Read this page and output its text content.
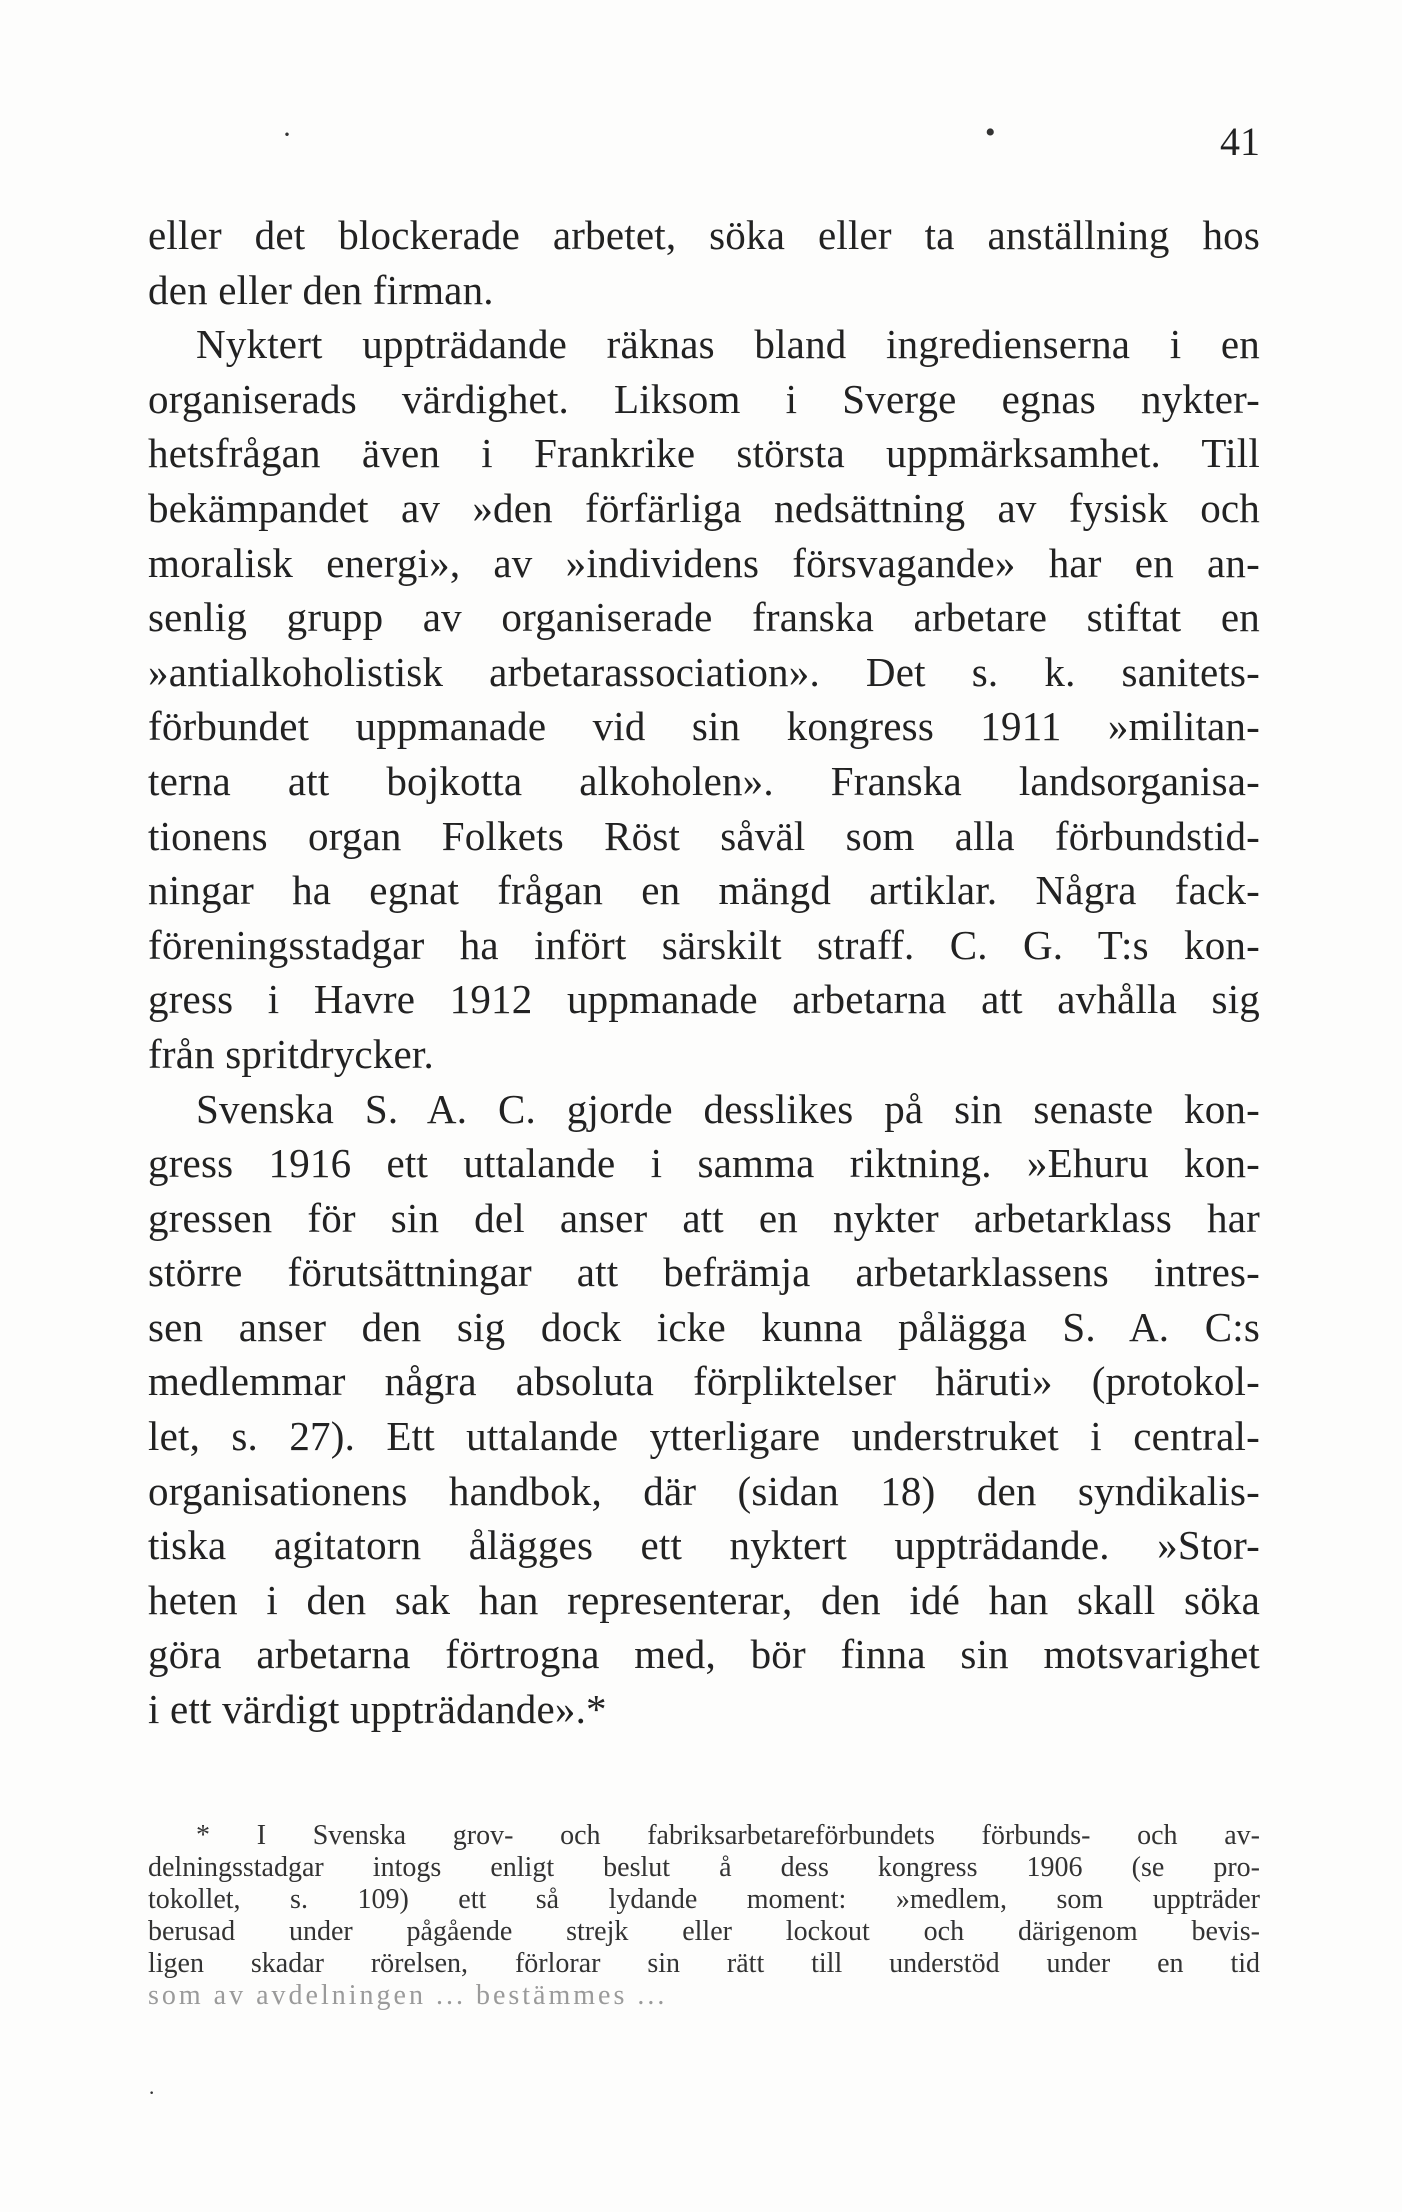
·	•	41
eller det blockerade arbetet, söka eller ta anställning hos
den eller den firman.
Nyktert uppträdande räknas bland ingredienserna i en
organiserads värdighet. Liksom i Sverge egnas nykter-
hetsfrågan även i Frankrike största uppmärksamhet. Till
bekämpandet av »den förfärliga nedsättning av fysisk och
moralisk energi», av »individens försvagande» har en an-
senlig grupp av organiserade franska arbetare stiftat en
»antialkoholistisk arbetarassociation». Det s. k. sanitets-
förbundet uppmanade vid sin kongress 1911 »militan-
terna att bojkotta alkoholen». Franska landsorganisa-
tionens organ Folkets Röst såväl som alla förbundstid-
ningar ha egnat frågan en mängd artiklar. Några fack-
föreningsstadgar ha infört särskilt straff. C. G. T:s kon-
gress i Havre 1912 uppmanade arbetarna att avhålla sig
från spritdrycker.
Svenska S. A. C. gjorde desslikes på sin senaste kon-
gress 1916 ett uttalande i samma riktning. »Ehuru kon-
gressen för sin del anser att en nykter arbetarklass har
större förutsättningar att befrämja arbetarklassens intres-
sen anser den sig dock icke kunna pålägga S. A. C:s
medlemmar några absoluta förpliktelser häruti» (protokol-
let, s. 27). Ett uttalande ytterligare understruket i central-
organisationens handbok, där (sidan 18) den syndikalis-
tiska agitatorn ålägges ett nyktert uppträdande. »Stor-
heten i den sak han representerar, den idé han skall söka
göra arbetarna förtrogna med, bör finna sin motsvarighet
i ett värdigt uppträdande».*
* I Svenska grov- och fabriksarbetareförbundets förbunds- och av-
delningsstadgar intogs enligt beslut å dess kongress 1906 (se pro-
tokollet, s. 109) ett så lydande moment: »medlem, som uppträder
berusad under pågående strejk eller lockout och därigenom bevis-
ligen skadar rörelsen, förlorar sin rätt till understöd under en tid
som av avdelningen ... bestämmes ...
·
